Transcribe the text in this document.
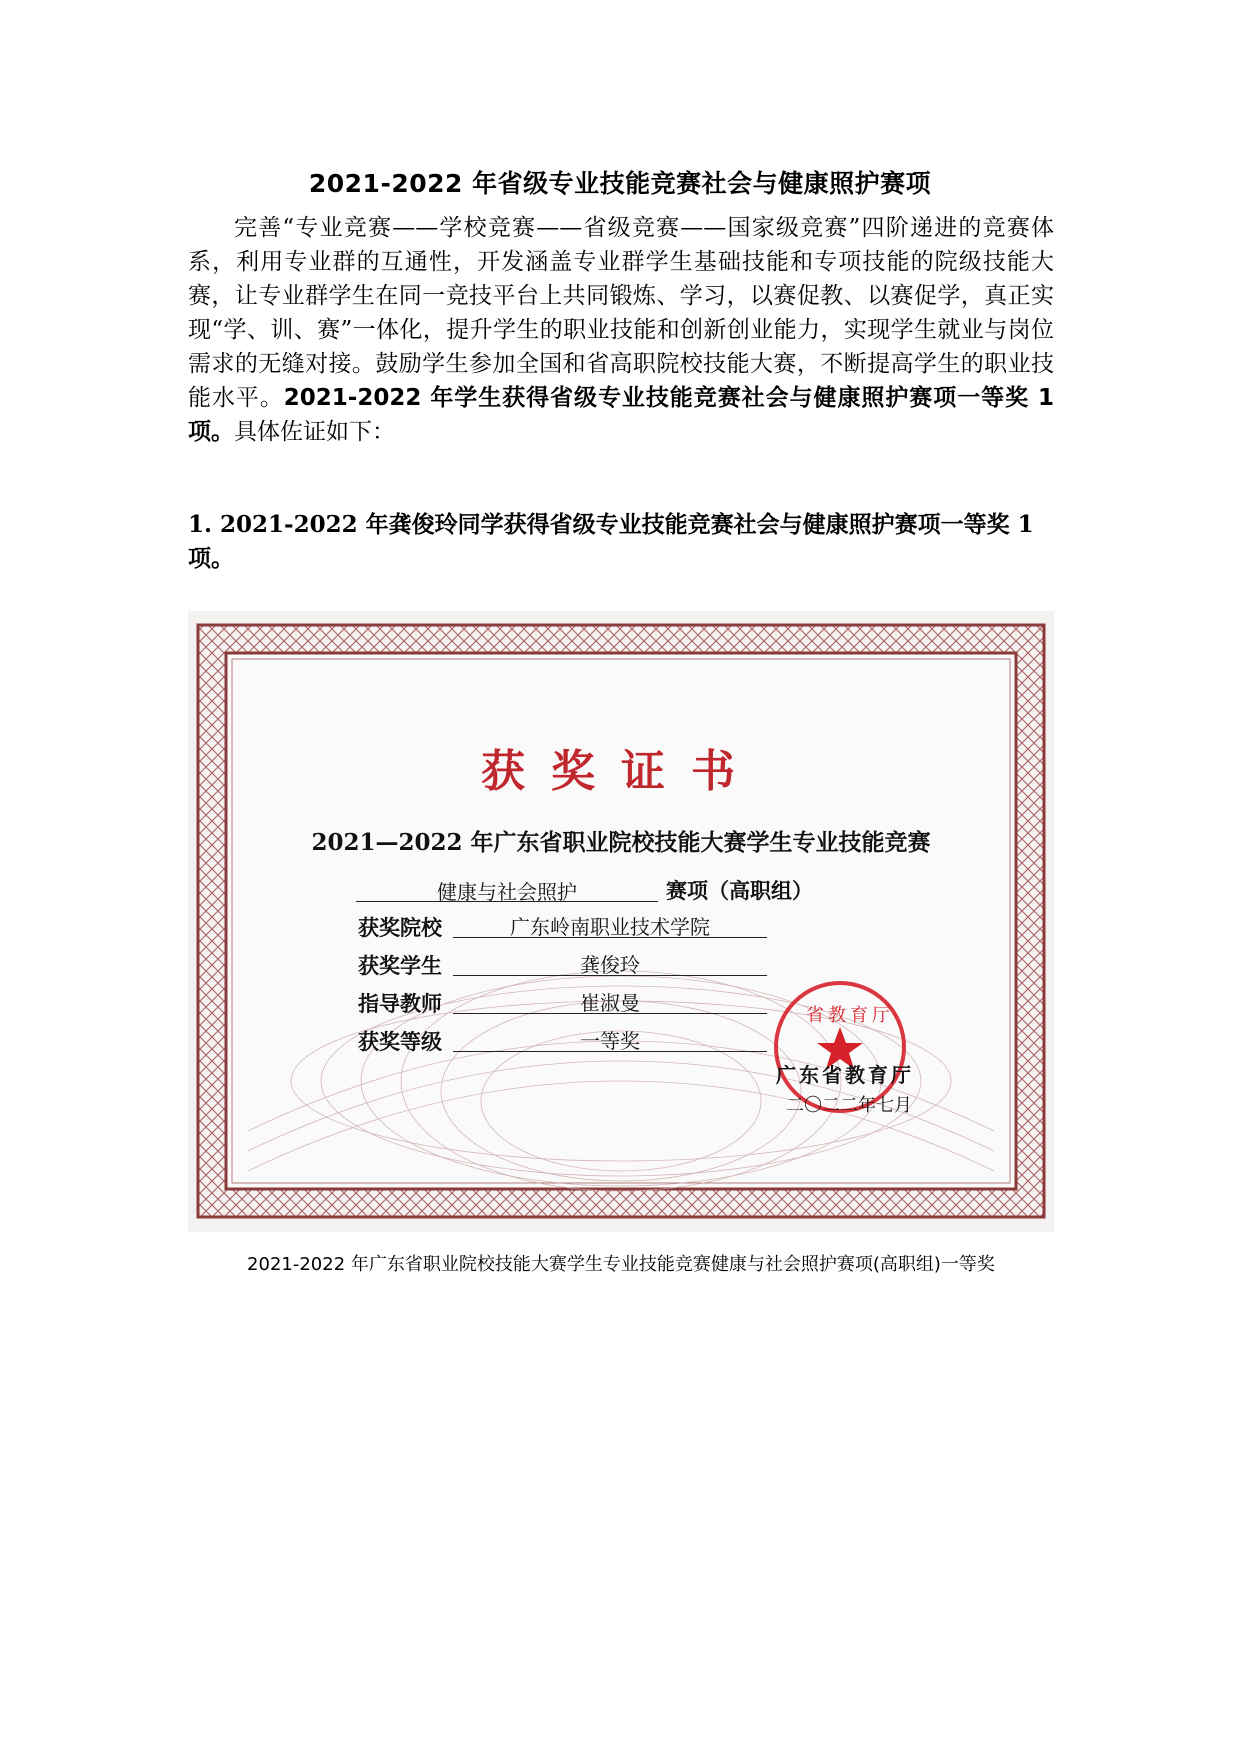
2021-2022 年省级专业技能竞赛社会与健康照护赛项
完善“专业竞赛——学校竞赛——省级竞赛——国家级竞赛”四阶递进的竞赛体系，利用专业群的互通性，开发涵盖专业群学生基础技能和专项技能的院级技能大赛，让专业群学生在同一竞技平台上共同锻炼、学习，以赛促教、以赛促学，真正实现“学、训、赛”一体化，提升学生的职业技能和创新创业能力，实现学生就业与岗位需求的无缝对接。鼓励学生参加全国和省高职院校技能大赛，不断提高学生的职业技能水平。2021-2022 年学生获得省级专业技能竞赛社会与健康照护赛项一等奖 1 项。具体佐证如下：
1. 2021-2022 年龚俊玲同学获得省级专业技能竞赛社会与健康照护赛项一等奖 1 项。
获奖证书
2021—2022 年广东省职业院校技能大赛学生专业技能竞赛
健康与社会照护	赛项（高职组）
获奖院校	广东岭南职业技术学院
获奖学生	龚俊玲
指导教师	崔淑曼
获奖等级	一等奖
省教育厅
广东省教育厅
二〇二二年七月
2021-2022 年广东省职业院校技能大赛学生专业技能竞赛健康与社会照护赛项(高职组)一等奖
